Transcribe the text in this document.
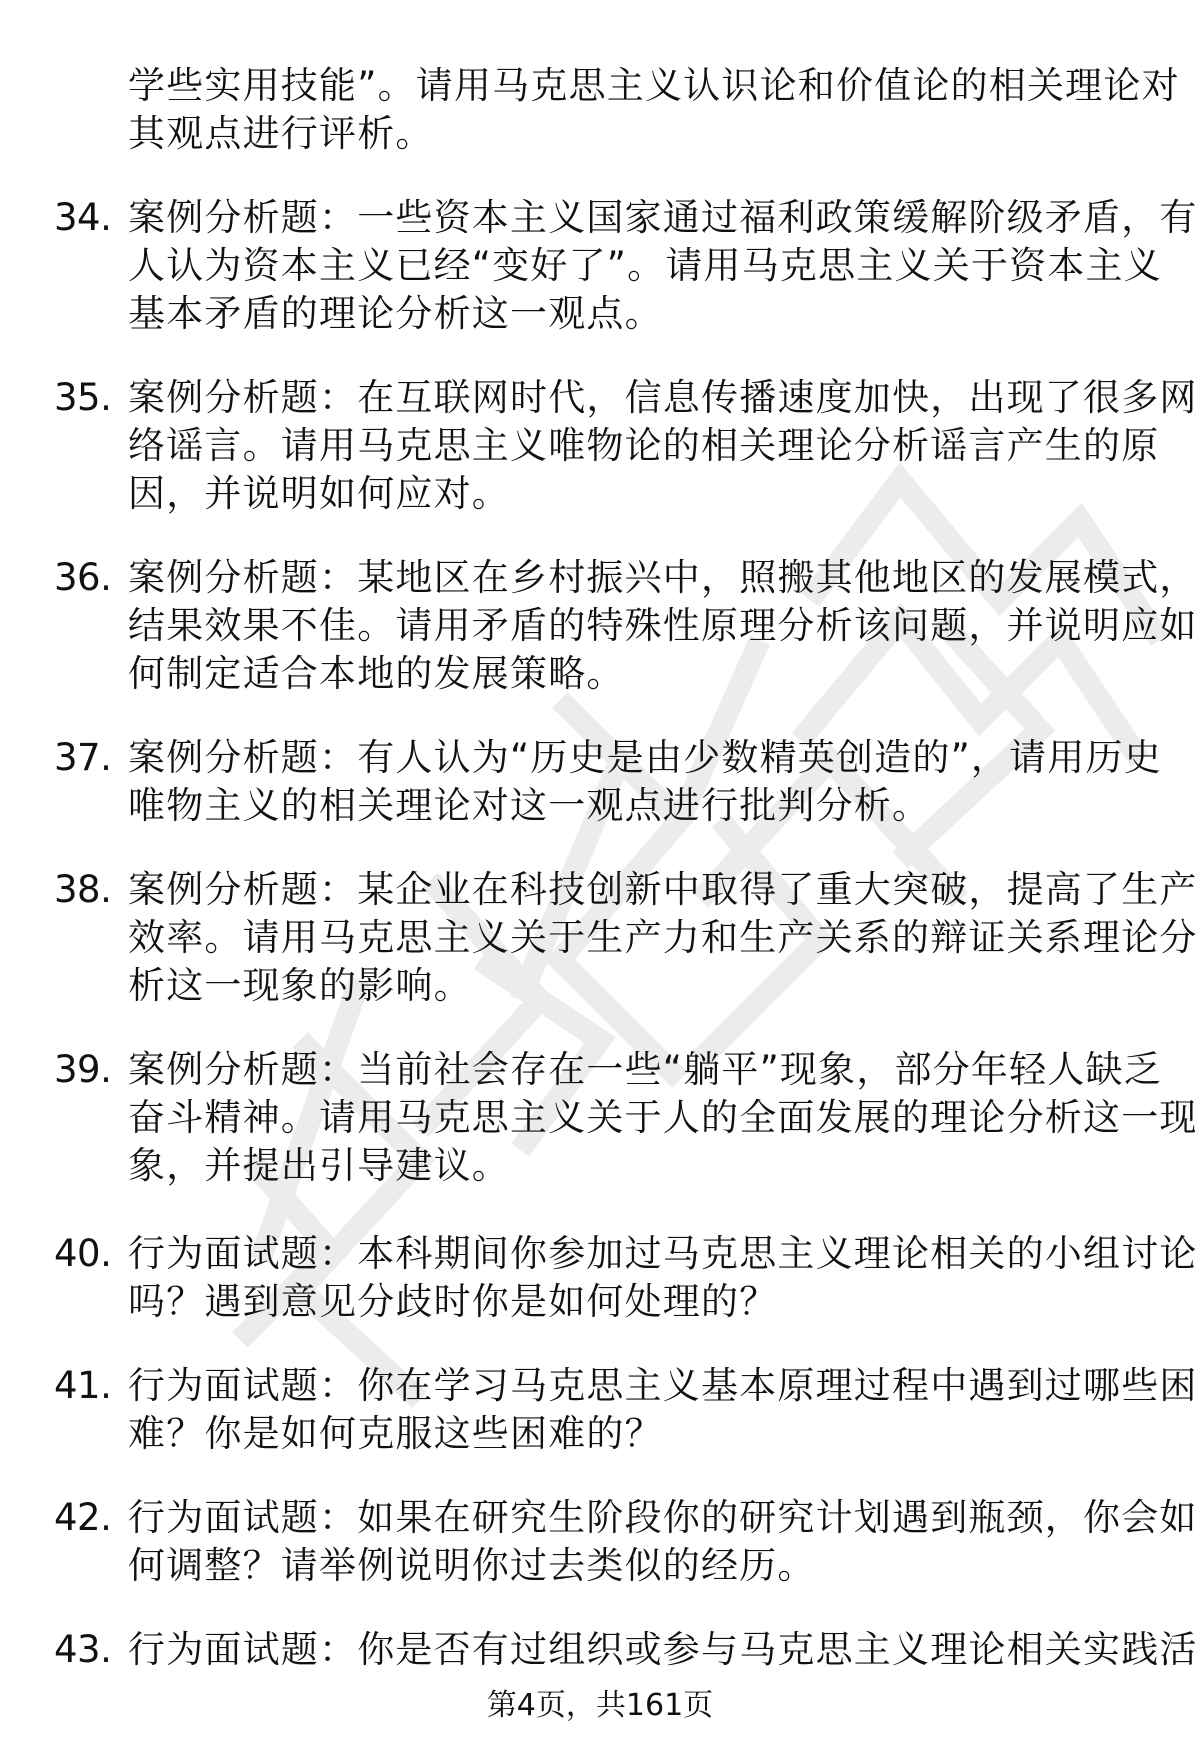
学些实用技能”。请用马克思主义认识论和价值论的相关理论对
其观点进行评析。
34. 案例分析题：一些资本主义国家通过福利政策缓解阶级矛盾，有
人认为资本主义已经“变好了”。请用马克思主义关于资本主义
基本矛盾的理论分析这一观点。
35. 案例分析题：在互联网时代，信息传播速度加快，出现了很多网
络谣言。请用马克思主义唯物论的相关理论分析谣言产生的原
因，并说明如何应对。
36. 案例分析题：某地区在乡村振兴中，照搬其他地区的发展模式，
结果效果不佳。请用矛盾的特殊性原理分析该问题，并说明应如
何制定适合本地的发展策略。
37. 案例分析题：有人认为“历史是由少数精英创造的”，请用历史
唯物主义的相关理论对这一观点进行批判分析。
38. 案例分析题：某企业在科技创新中取得了重大突破，提高了生产
效率。请用马克思主义关于生产力和生产关系的辩证关系理论分
析这一现象的影响。
39. 案例分析题：当前社会存在一些“躺平”现象，部分年轻人缺乏
奋斗精神。请用马克思主义关于人的全面发展的理论分析这一现
象，并提出引导建议。
40. 行为面试题：本科期间你参加过马克思主义理论相关的小组讨论
吗？遇到意见分歧时你是如何处理的？
41. 行为面试题：你在学习马克思主义基本原理过程中遇到过哪些困
难？你是如何克服这些困难的？
42. 行为面试题：如果在研究生阶段你的研究计划遇到瓶颈，你会如
何调整？请举例说明你过去类似的经历。
43. 行为面试题：你是否有过组织或参与马克思主义理论相关实践活
第4页，共161页
